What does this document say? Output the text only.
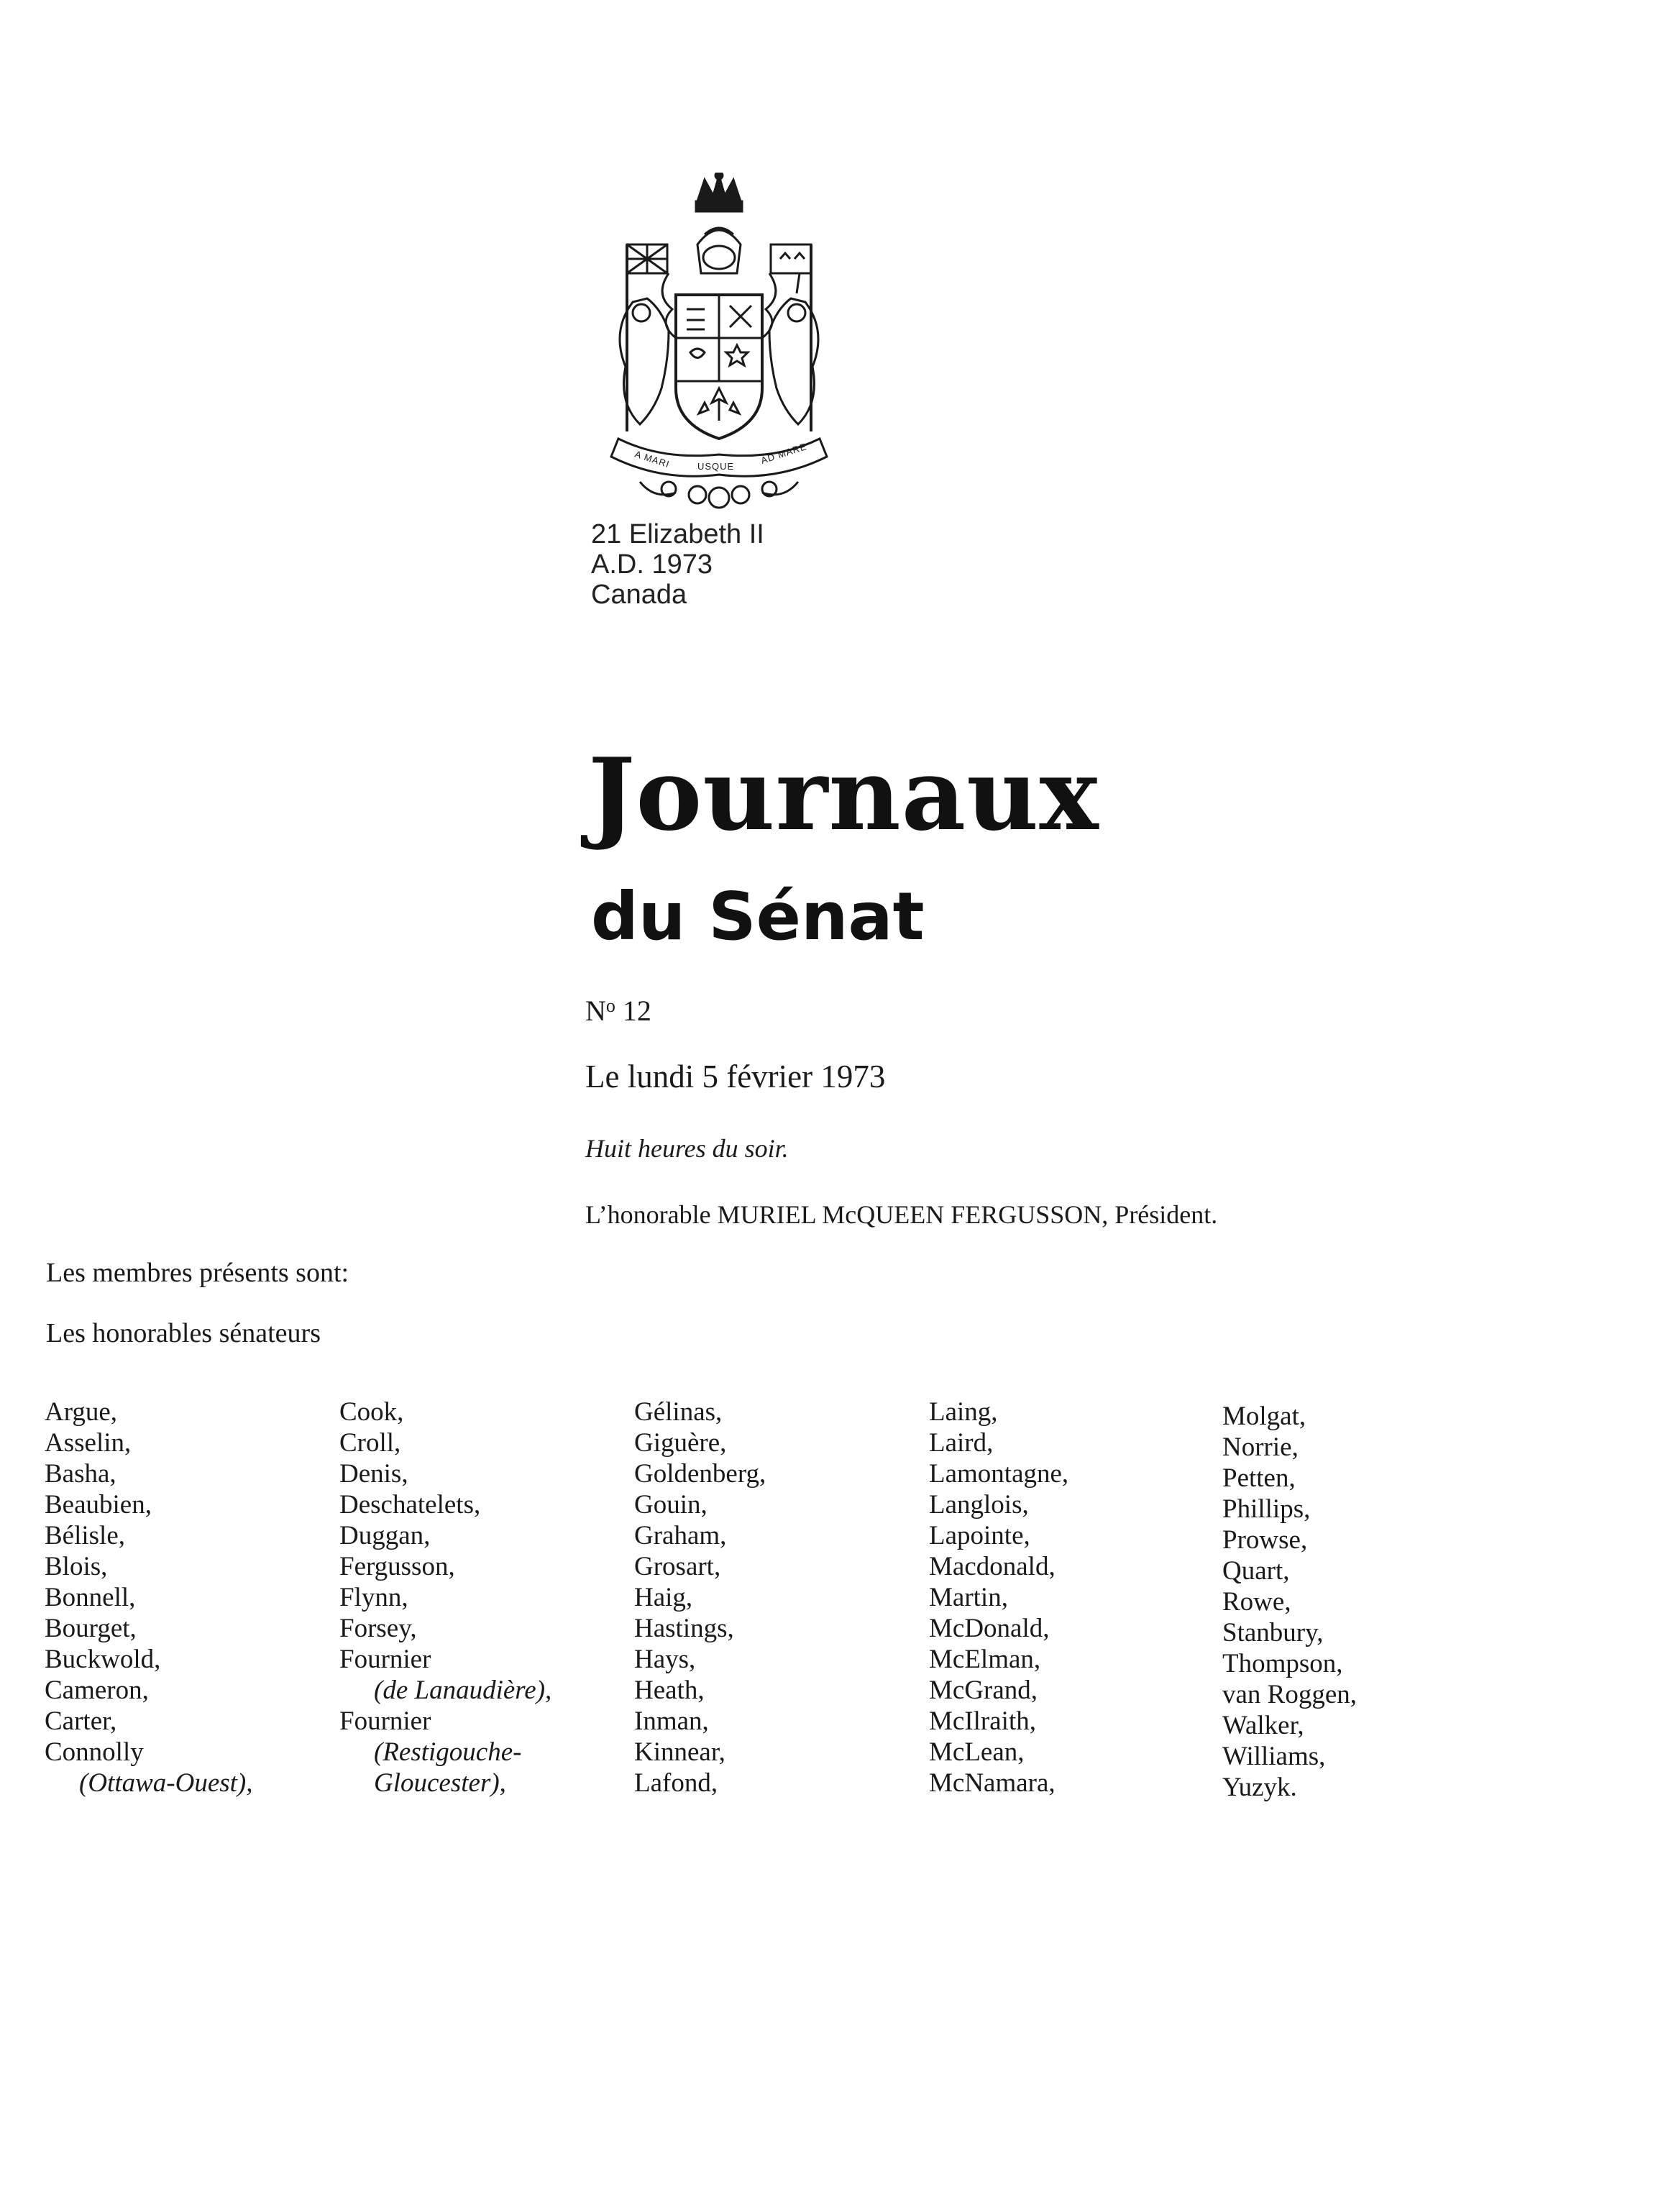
A MARI	USQUE
AD MARE
21 Elizabeth II
A.D. 1973
Canada
Journaux
du Sénat
$N^o$ 12
Le lundi 5 février 1973
Huit heures du soir.
L’honorable MURIEL McQUEEN FERGUSSON, Président.
Les membres présents sont:
Les honorables sénateurs
Argue,
Asselin,
Basha,
Beaubien,
Bélisle,
Blois,
Bonnell,
Bourget,
Buckwold,
Cameron,
Carter,
Connolly
(Ottawa-Ouest),
Cook,
Croll,
Denis,
Deschatelets,
Duggan,
Fergusson,
Flynn,
Forsey,
Fournier
(de Lanaudière),
Fournier
(Restigouche-
Gloucester),
Gélinas,
Giguère,
Goldenberg,
Gouin,
Graham,
Grosart,
Haig,
Hastings,
Hays,
Heath,
Inman,
Kinnear,
Lafond,
Laing,
Laird,
Lamontagne,
Langlois,
Lapointe,
Macdonald,
Martin,
McDonald,
McElman,
McGrand,
McIlraith,
McLean,
McNamara,
Molgat,
Norrie,
Petten,
Phillips,
Prowse,
Quart,
Rowe,
Stanbury,
Thompson,
van Roggen,
Walker,
Williams,
Yuzyk.
